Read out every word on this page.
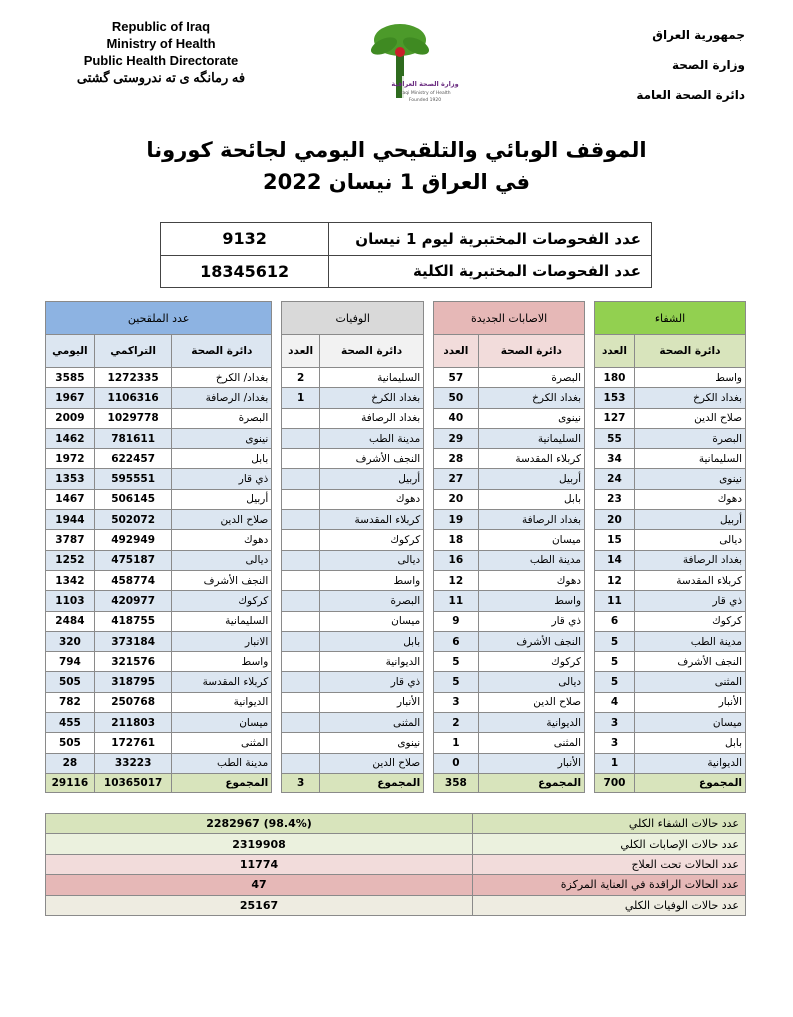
Republic of Iraq
Ministry of Health
Public Health Directorate
فه رمانگه ى ته ندروستى گشتى	وزارة الصحة العراقية
Iraqi Ministry of Health
Founded 1920
جمهورية العراق
وزارة الصحة
دائرة الصحة العامة
الموقف الوبائي والتلقيحي اليومي لجائحة كورونا
في العراق 1 نيسان 2022
9132	عدد الفحوصات المختبرية ليوم 1 نيسان
18345612	عدد الفحوصات المختبرية الكلية
عدد الملقحين				الوفيات			الاصابات الجديدة			الشفاء	
اليومي	التراكمي	دائرة الصحة		العدد	دائرة الصحة		العدد	دائرة الصحة		العدد	دائرة الصحة
3585	1272335	بغداد/ الكرخ		2	السليمانية		57	البصرة		180	واسط
1967	1106316	بغداد/ الرصافة		1	بغداد الكرخ		50	بغداد الكرخ		153	بغداد الكرخ
2009	1029778	البصرة			بغداد الرصافة		40	نينوى		127	صلاح الدين
1462	781611	نينوى			مدينة الطب		29	السليمانية		55	البصرة
1972	622457	بابل			النجف الأشرف		28	كربلاء المقدسة		34	السليمانية
1353	595551	ذي قار			أربيل		27	أربيل		24	نينوى
1467	506145	أربيل			دهوك		20	بابل		23	دهوك
1944	502072	صلاح الدين			كربلاء المقدسة		19	بغداد الرصافة		20	أربيل
3787	492949	دهوك			كركوك		18	ميسان		15	ديالى
1252	475187	ديالى			ديالى		16	مدينة الطب		14	بغداد الرصافة
1342	458774	النجف الأشرف			واسط		12	دهوك		12	كربلاء المقدسة
1103	420977	كركوك			البصرة		11	واسط		11	ذي قار
2484	418755	السليمانية			ميسان		9	ذي قار		6	كركوك
320	373184	الانبار			بابل		6	النجف الأشرف		5	مدينة الطب
794	321576	واسط			الديوانية		5	كركوك		5	النجف الأشرف
505	318795	كربلاء المقدسة			ذي قار		5	ديالى		5	المثنى
782	250768	الديوانية			الأنبار		3	صلاح الدين		4	الأنبار
455	211803	ميسان			المثنى		2	الديوانية		3	ميسان
505	172761	المثنى			نينوى		1	المثنى		3	بابل
28	33223	مدينة الطب			صلاح الدين		0	الأنبار		1	الديوانية
29116	10365017	المجموع		3	المجموع		358	المجموع		700	المجموع
2282967 (98.4%)	عدد حالات الشفاء الكلي
2319908	عدد حالات الإصابات الكلي
11774	عدد الحالات تحت العلاج
47	عدد الحالات الراقدة في العناية المركزة
25167	عدد حالات الوفيات الكلي
